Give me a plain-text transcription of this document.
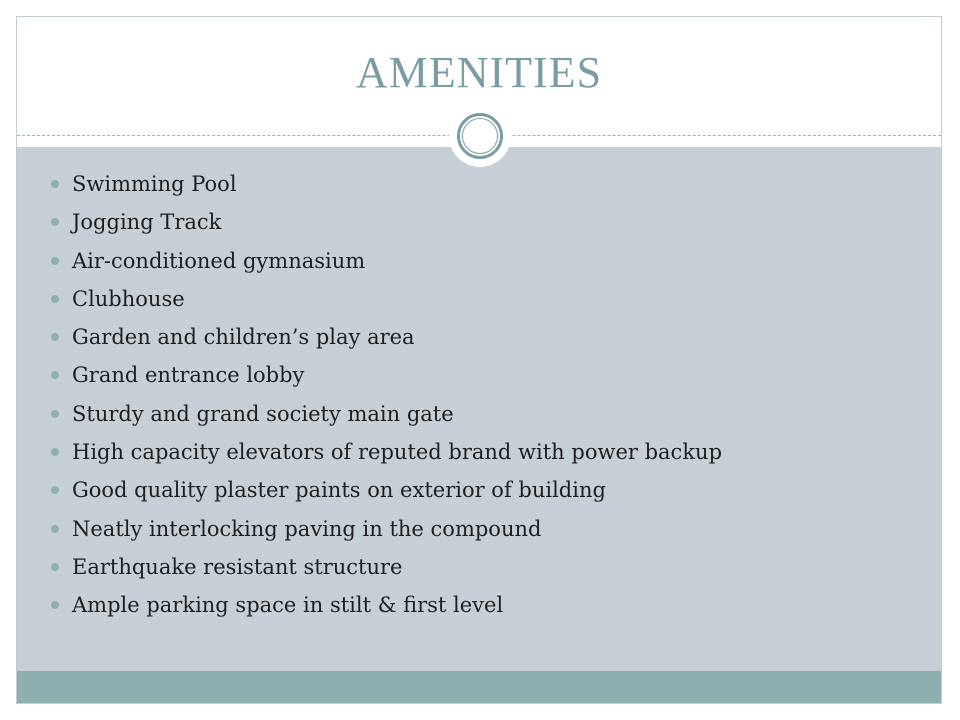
AMENITIES
Swimming Pool
Jogging Track
Air-conditioned gymnasium
Clubhouse
Garden and children’s play area
Grand entrance lobby
Sturdy and grand society main gate
High capacity elevators of reputed brand with power backup
Good quality plaster paints on exterior of building
Neatly interlocking paving in the compound
Earthquake resistant structure
Ample parking space in stilt & first level
